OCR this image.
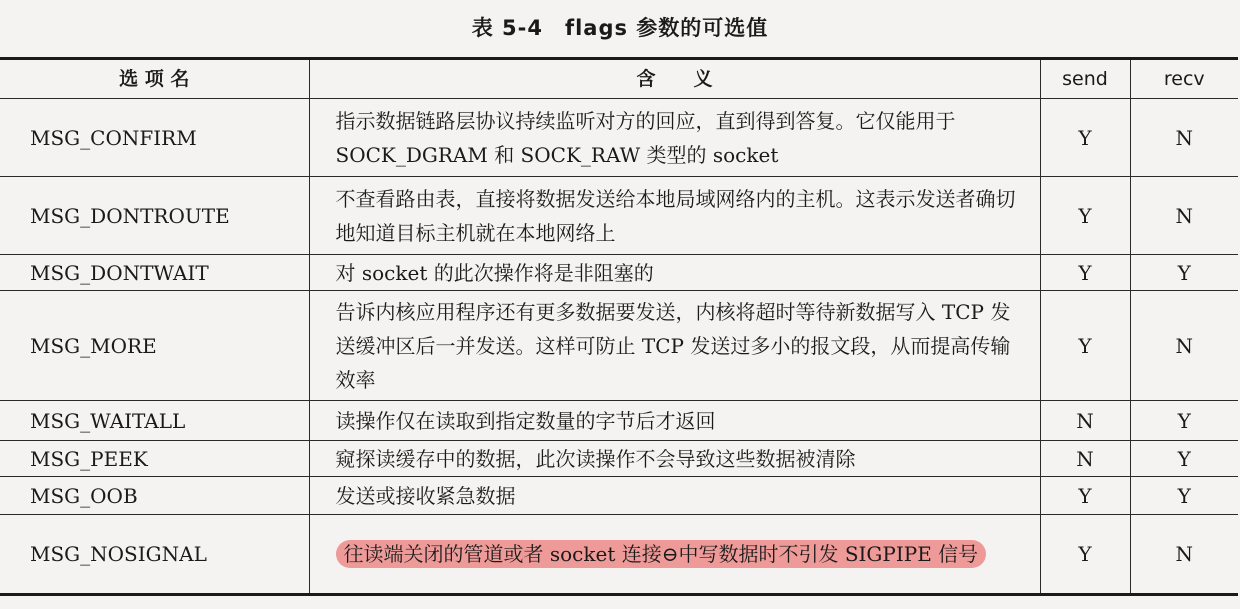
表 5-4 flags 参数的可选值
选 项 名	含　　义	send	recv
MSG_CONFIRM	指示数据链路层协议持续监听对方的回应，直到得到答复。它仅能用于 SOCK_DGRAM 和 SOCK_RAW 类型的 socket	Y	N
MSG_DONTROUTE	不查看路由表，直接将数据发送给本地局域网络内的主机。这表示发送者确切地知道目标主机就在本地网络上	Y	N
MSG_DONTWAIT	对 socket 的此次操作将是非阻塞的	Y	Y
MSG_MORE	告诉内核应用程序还有更多数据要发送，内核将超时等待新数据写入 TCP 发送缓冲区后一并发送。这样可防止 TCP 发送过多小的报文段，从而提高传输效率	Y	N
MSG_WAITALL	读操作仅在读取到指定数量的字节后才返回	N	Y
MSG_PEEK	窥探读缓存中的数据，此次读操作不会导致这些数据被清除	N	Y
MSG_OOB	发送或接收紧急数据	Y	Y
MSG_NOSIGNAL	往读端关闭的管道或者 socket 连接⊖中写数据时不引发 SIGPIPE 信号	Y	N
